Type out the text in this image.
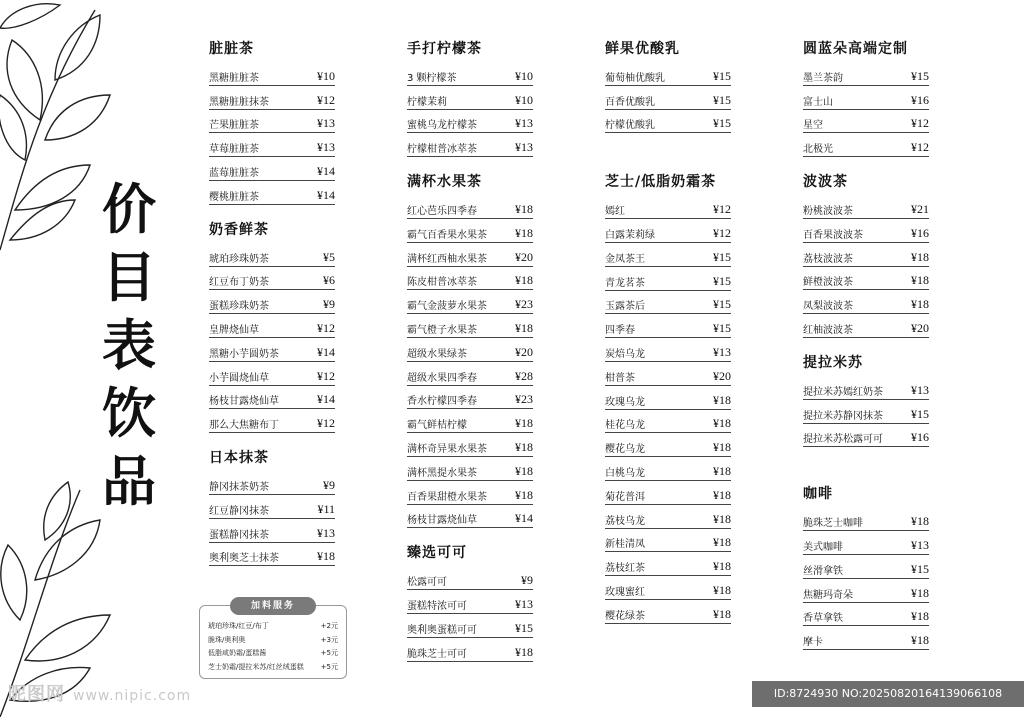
价
目
表
饮
品
脏脏茶
黑糖脏脏茶	¥10
黑糖脏脏抹茶	¥12
芒果脏脏茶	¥13
草莓脏脏茶	¥13
蓝莓脏脏茶	¥14
樱桃脏脏茶	¥14
奶香鲜茶
琥珀珍珠奶茶	¥5
红豆布丁奶茶	¥6
蛋糕珍珠奶茶	¥9
皇牌烧仙草	¥12
黑糖小芋圆奶茶	¥14
小芋圆烧仙草	¥12
杨枝甘露烧仙草	¥14
那么大焦糖布丁	¥12
日本抹茶
静冈抹茶奶茶	¥9
红豆静冈抹茶	¥11
蛋糕静冈抹茶	¥13
奥利奥芝士抹茶	¥18
手打柠檬茶
3 颗柠檬茶	¥10
柠檬茉莉	¥10
蜜桃乌龙柠檬茶	¥13
柠檬柑普冰萃茶	¥13
满杯水果茶
红心芭乐四季春	¥18
霸气百香果水果茶 ¥18
满杯红西柚水果茶 ¥20
陈皮柑普冰萃茶	¥18
霸气金菠萝水果茶 ¥23
霸气橙子水果茶	¥18
超级水果绿茶	¥20
超级水果四季春	¥28
香水柠檬四季春	¥23
霸气鲜桔柠檬	¥18
满杯奇异果水果茶 ¥18
满杯黑提水果茶	¥18
百香果甜橙水果茶 ¥18
杨枝甘露烧仙草	¥14
臻选可可
松露可可	¥9
蛋糕特浓可可	¥13
奥利奥蛋糕可可	¥15
脆珠芝士可可	¥18
鲜果优酸乳
葡萄柚优酸乳	¥15
百香优酸乳	¥15
柠檬优酸乳	¥15
芝士/低脂奶霜茶
嫣红	¥12
白露茉莉绿	¥12
金凤茶王	¥15
青龙茗茶	¥15
玉露茶后	¥15
四季春	¥15
炭焙乌龙	¥13
柑普茶	¥20
玫瑰乌龙	¥18
桂花乌龙	¥18
樱花乌龙	¥18
白桃乌龙	¥18
菊花普洱	¥18
荔枝乌龙	¥18
新桂清凤	¥18
荔枝红茶	¥18
玫瑰蜜红	¥18
樱花绿茶	¥18
圆蓝朵高端定制
墨兰茶韵	¥15
富士山	¥16
星空	¥12
北极光	¥12
波波茶
粉桃波波茶	¥21
百香果波波茶	¥16
荔枝波波茶	¥18
鲜橙波波茶	¥18
凤梨波波茶	¥18
红柚波波茶	¥20
提拉米苏
提拉米苏嫣红奶茶 ¥13
提拉米苏静冈抹茶 ¥15
提拉米苏松露可可 ¥16
咖啡
脆珠芝士咖啡	¥18
美式咖啡	¥13
丝滑拿铁	¥15
焦糖玛奇朵	¥18
香草拿铁	¥18
摩卡	¥18
加料服务
琥珀珍珠/红豆/布丁	+2元
脆珠/奥利奥	+3元
低脂咸奶霜/蛋糕酱	+5元
芝士奶霜/提拉米苏/红丝绒蛋糕 +5元
昵图网 www.nipic.com	ID:8724930 NO:20250820164139066108
